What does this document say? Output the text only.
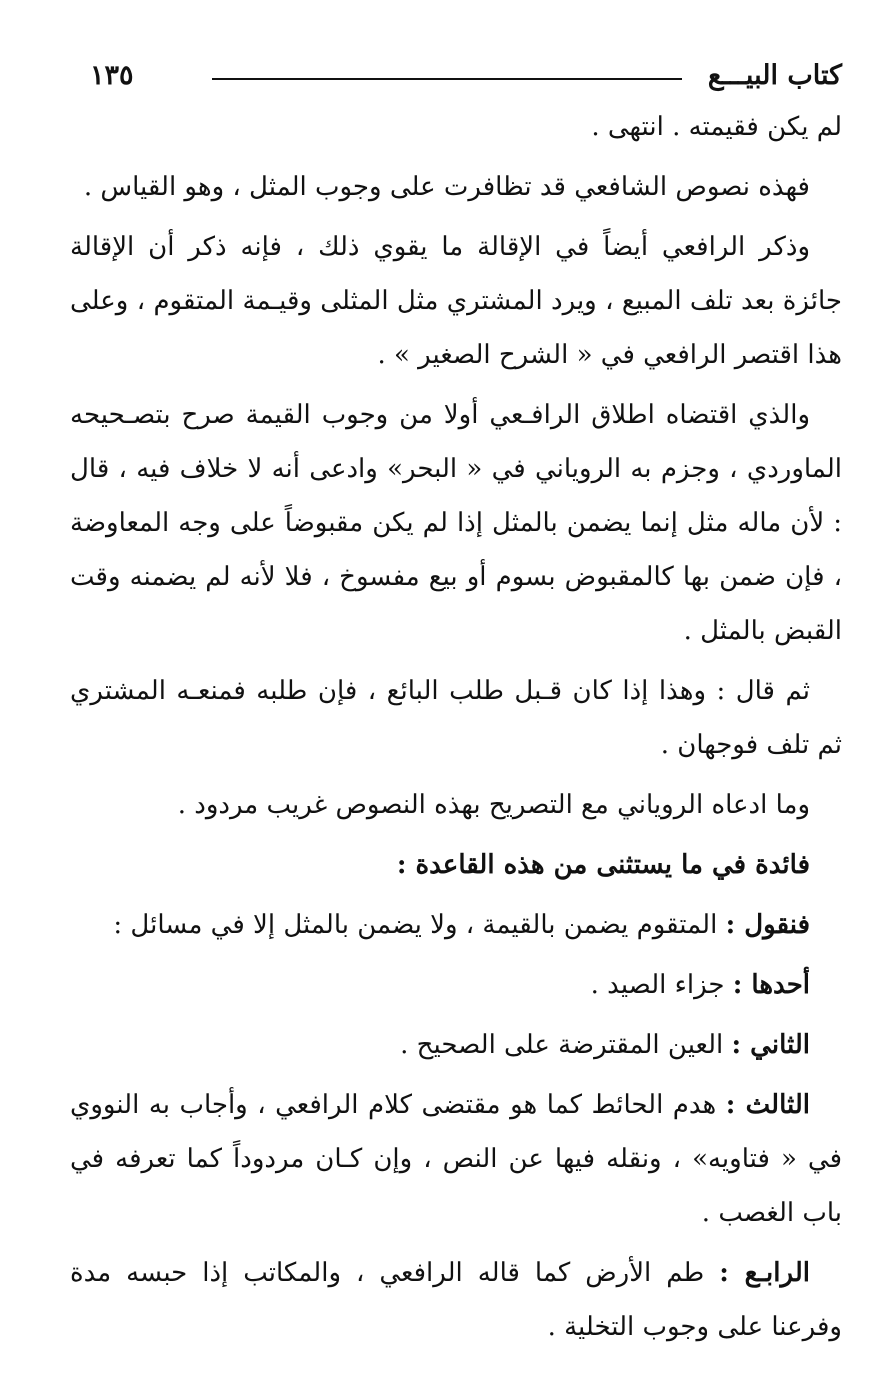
١٣٥	كتاب البيـــع

لم يكن فقيمته . انتهى .

فهذه نصوص الشافعي قد تظافرت على وجوب المثل ، وهو القياس .

وذكر الرافعي أيضاً في الإقالة ما يقوي ذلك ، فإنه ذكر أن الإقالة جائزة بعد تلف المبيع ، ويرد المشتري مثل المثلى وقيـمة المتقوم ، وعلى هذا اقتصر الرافعي في « الشرح الصغير » .

والذي اقتضاه اطلاق الرافـعي أولا من وجوب القيمة صرح بتصـحيحه الماوردي ، وجزم به الروياني في « البحر» وادعى أنه لا خلاف فيه ، قال : لأن ماله مثل إنما يضمن بالمثل إذا لم يكن مقبوضاً على وجه المعاوضة ، فإن ضمن بها كالمقبوض بسوم أو بيع مفسوخ ، فلا لأنه لم يضمنه وقت القبض بالمثل .

ثم قال : وهذا إذا كان قـبل طلب البائع ، فإن طلبه فمنعـه المشتري ثم تلف فوجهان .

وما ادعاه الروياني مع التصريح بهذه النصوص غريب مردود .

فائدة في ما يستثنى من هذه القاعدة :

فنقول : المتقوم يضمن بالقيمة ، ولا يضمن بالمثل إلا في مسائل :

أحدها : جزاء الصيد .

الثاني : العين المقترضة على الصحيح .

الثالث : هدم الحائط كما هو مقتضى كلام الرافعي ، وأجاب به النووي في « فتاويه» ، ونقله فيها عن النص ، وإن كـان مردوداً كما تعرفه في باب الغصب .

الرابـع : طم الأرض كما قاله الرافعي ، والمكاتب إذا حبسه مدة وفرعنا على وجوب التخلية .
